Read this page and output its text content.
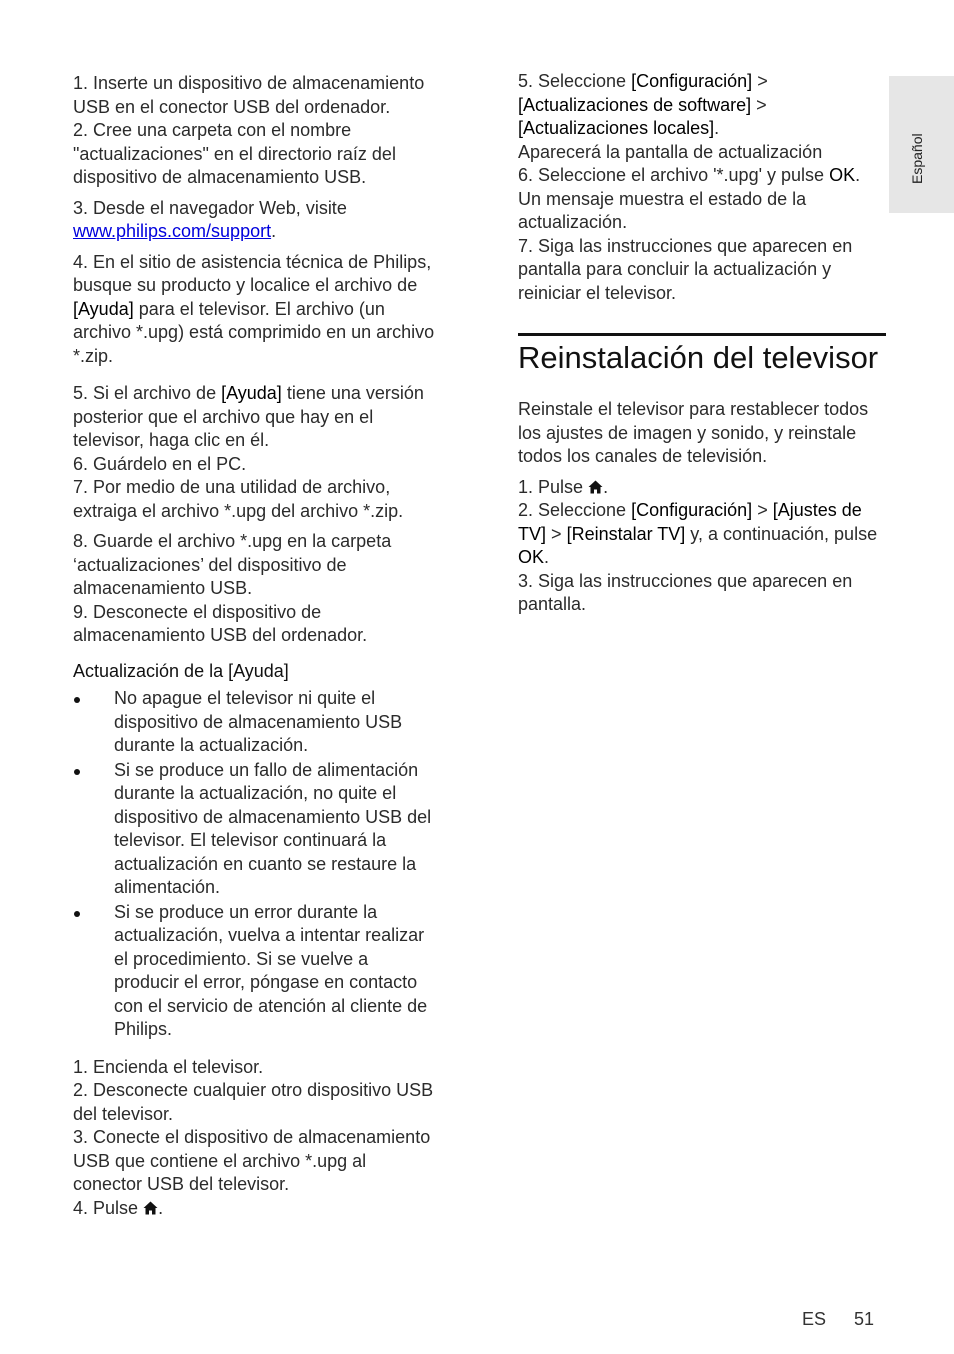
1. Inserte un dispositivo de almacenamiento USB en el conector USB del ordenador.

2. Cree una carpeta con el nombre "actualizaciones" en el directorio raíz del dispositivo de almacenamiento USB.

3. Desde el navegador Web, visite
www.philips.com/support.

4. En el sitio de asistencia técnica de Philips, busque su producto y localice el archivo de [Ayuda] para el televisor. El archivo (un archivo *.upg) está comprimido en un archivo *.zip.

5. Si el archivo de [Ayuda] tiene una versión posterior que el archivo que hay en el televisor, haga clic en él.

6. Guárdelo en el PC.

7. Por medio de una utilidad de archivo, extraiga el archivo *.upg del archivo *.zip.

8. Guarde el archivo *.upg en la carpeta ‘actualizaciones’ del dispositivo de almacenamiento USB.

9. Desconecte el dispositivo de almacenamiento USB del ordenador.

Actualización de la [Ayuda]

No apague el televisor ni quite el dispositivo de almacenamiento USB durante la actualización.
Si se produce un fallo de alimentación durante la actualización, no quite el dispositivo de almacenamiento USB del televisor. El televisor continuará la actualización en cuanto se restaure la alimentación.
Si se produce un error durante la actualización, vuelva a intentar realizar el procedimiento. Si se vuelve a producir el error, póngase en contacto con el servicio de atención al cliente de Philips.

1. Encienda el televisor.

2. Desconecte cualquier otro dispositivo USB del televisor.

3. Conecte el dispositivo de almacenamiento USB que contiene el archivo *.upg al conector USB del televisor.

4. Pulse .

5. Seleccione [Configuración] > [Actualizaciones de software] > [Actualizaciones locales].

Aparecerá la pantalla de actualización

6. Seleccione el archivo '*.upg' y pulse OK.

Un mensaje muestra el estado de la actualización.

7. Siga las instrucciones que aparecen en pantalla para concluir la actualización y reiniciar el televisor.

Reinstalación del televisor

Reinstale el televisor para restablecer todos los ajustes de imagen y sonido, y reinstale todos los canales de televisión.

1. Pulse .

2. Seleccione [Configuración] > [Ajustes de TV] > [Reinstalar TV] y, a continuación, pulse OK.

3. Siga las instrucciones que aparecen en pantalla.

Español
ES 51
